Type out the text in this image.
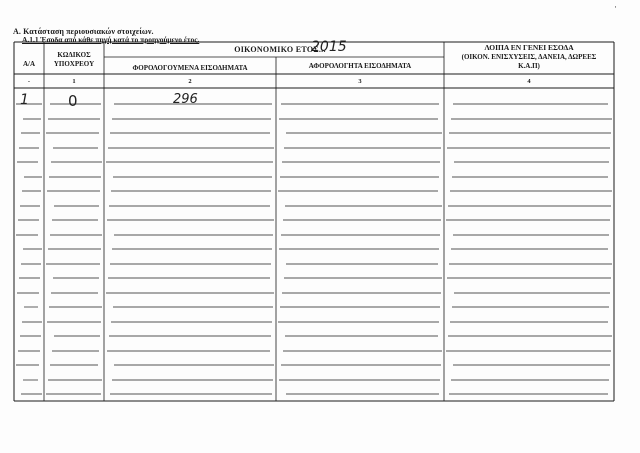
Α. Κατάσταση περιουσιακών στοιχείων.
Α.1.1 Έσοδα από κάθε πηγή κατά το προηγούμενο έτος.
Α/Α
ΚΩΔΙΚΟΣ
ΥΠΟΧΡΕΟΥ
ΟΙΚΟΝΟΜΙΚΟ ΕΤΟΣ...
2015
ΦΟΡΟΛΟΓΟΥΜΕΝΑ ΕΙΣΟΔΗΜΑΤΑ	ΑΦΟΡΟΛΟΓΗΤΑ ΕΙΣΟΔΗΜΑΤΑ
ΛΟΙΠΑ ΕΝ ΓΕΝΕΙ ΕΣΟΔΑ
(ΟΙΚΟΝ. ΕΝΙΣΧΥΣΕΙΣ, ΔΑΝΕΙΑ, ΔΩΡΕΕΣ
Κ.Α.Π)
-	1	2	3	4
1	0	296
·
